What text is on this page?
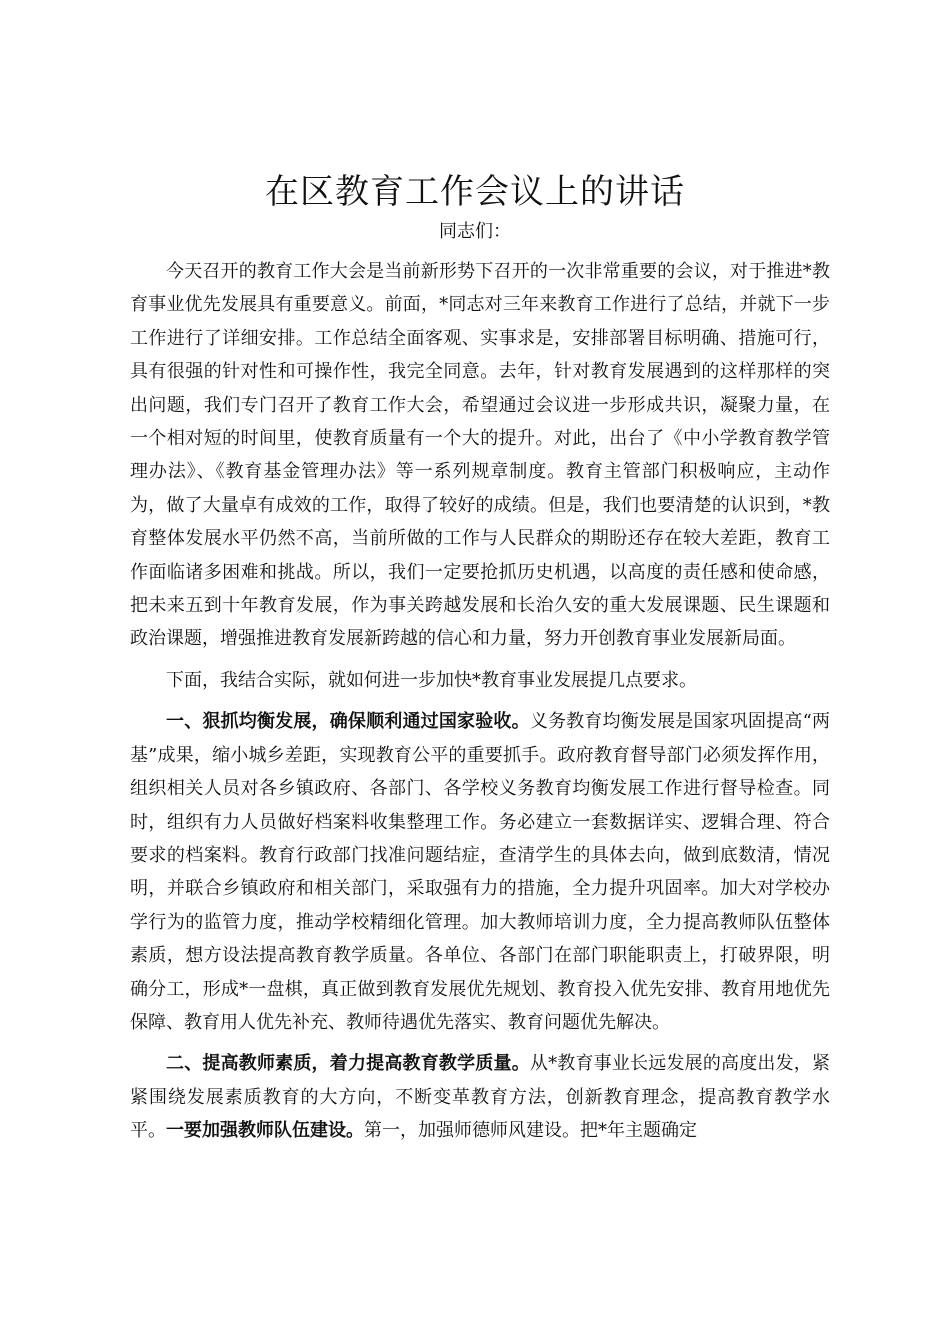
在区教育工作会议上的讲话
同志们：

今天召开的教育工作大会是当前新形势下召开的一次非常重要的会议，对于推进*教育事业优先发展具有重要意义。前面，*同志对三年来教育工作进行了总结，并就下一步工作进行了详细安排。工作总结全面客观、实事求是，安排部署目标明确、措施可行，具有很强的针对性和可操作性，我完全同意。去年，针对教育发展遇到的这样那样的突出问题，我们专门召开了教育工作大会，希望通过会议进一步形成共识，凝聚力量，在一个相对短的时间里，使教育质量有一个大的提升。对此，出台了《中小学教育教学管理办法》、《教育基金管理办法》等一系列规章制度。教育主管部门积极响应，主动作为，做了大量卓有成效的工作，取得了较好的成绩。但是，我们也要清楚的认识到，*教育整体发展水平仍然不高，当前所做的工作与人民群众的期盼还存在较大差距，教育工作面临诸多困难和挑战。所以，我们一定要抢抓历史机遇，以高度的责任感和使命感，把未来五到十年教育发展，作为事关跨越发展和长治久安的重大发展课题、民生课题和政治课题，增强推进教育发展新跨越的信心和力量，努力开创教育事业发展新局面。

下面，我结合实际，就如何进一步加快*教育事业发展提几点要求。

一、狠抓均衡发展，确保顺利通过国家验收。义务教育均衡发展是国家巩固提高“两基”成果，缩小城乡差距，实现教育公平的重要抓手。政府教育督导部门必须发挥作用，组织相关人员对各乡镇政府、各部门、各学校义务教育均衡发展工作进行督导检查。同时，组织有力人员做好档案料收集整理工作。务必建立一套数据详实、逻辑合理、符合要求的档案料。教育行政部门找准问题结症，查清学生的具体去向，做到底数清，情况明，并联合乡镇政府和相关部门，采取强有力的措施，全力提升巩固率。加大对学校办学行为的监管力度，推动学校精细化管理。加大教师培训力度，全力提高教师队伍整体素质，想方设法提高教育教学质量。各单位、各部门在部门职能职责上，打破界限，明确分工，形成*一盘棋，真正做到教育发展优先规划、教育投入优先安排、教育用地优先保障、教育用人优先补充、教师待遇优先落实、教育问题优先解决。

二、提高教师素质，着力提高教育教学质量。从*教育事业长远发展的高度出发，紧紧围绕发展素质教育的大方向，不断变革教育方法，创新教育理念，提高教育教学水平。一要加强教师队伍建设。第一，加强师德师风建设。把*年主题确定
